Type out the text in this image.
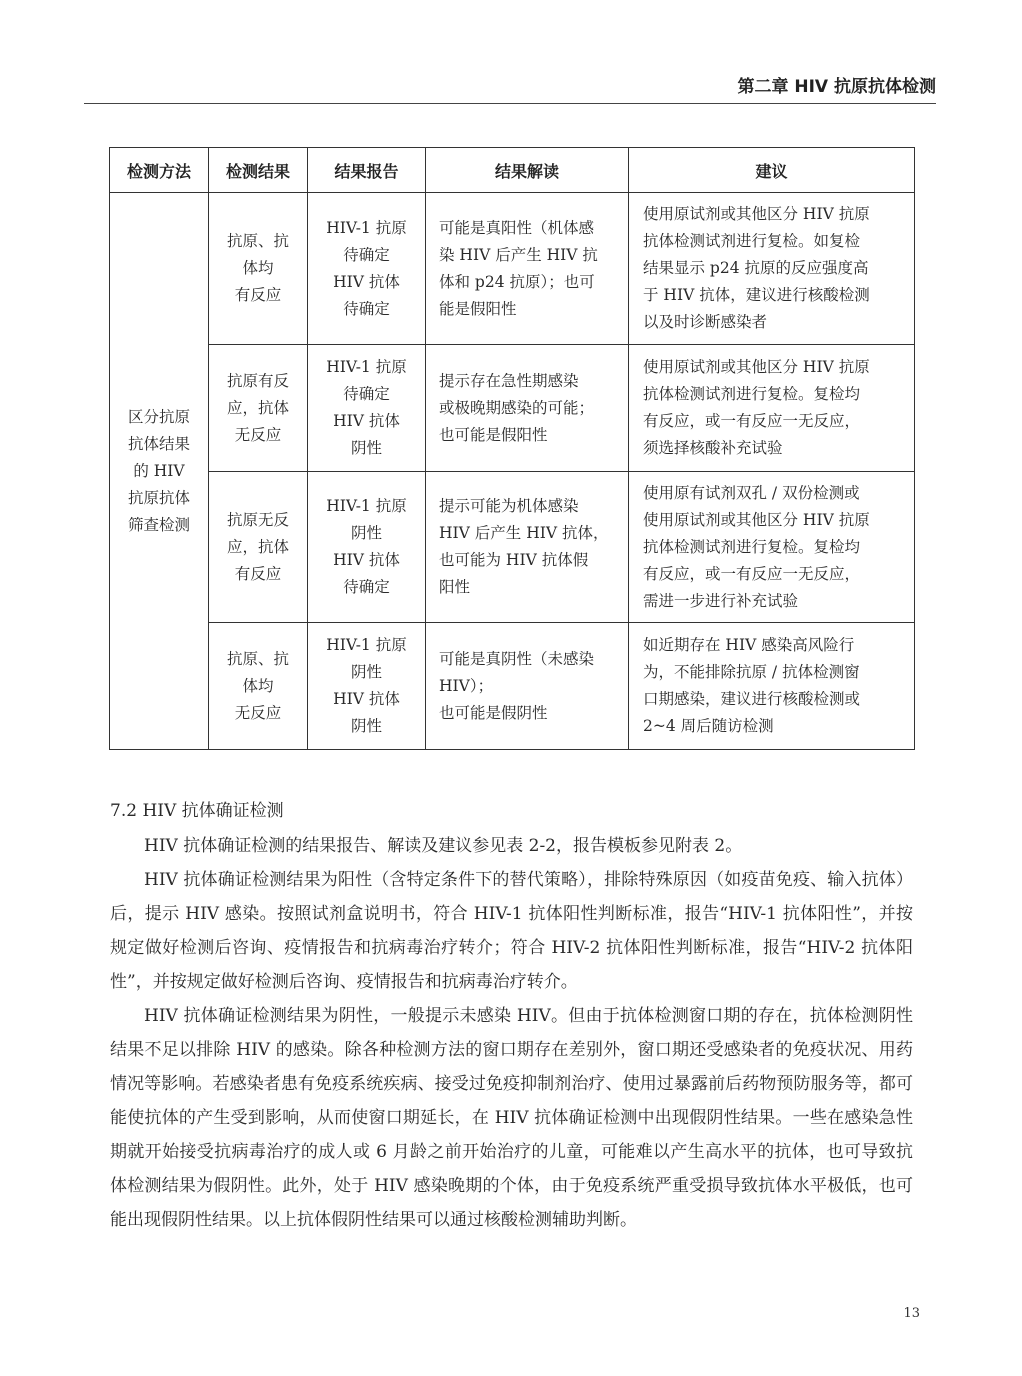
第二章 HIV 抗原抗体检测
检测方法	检测结果	结果报告	结果解读	建议

区分抗原
抗体结果
的 HIV
抗原抗体
筛查检测	抗原、抗
体均
有反应	HIV-1 抗原
待确定
HIV 抗体
待确定	可能是真阳性（机体感
染 HIV 后产生 HIV 抗
体和 p24 抗原）；也可
能是假阳性	使用原试剂或其他区分 HIV 抗原
抗体检测试剂进行复检。如复检
结果显示 p24 抗原的反应强度高
于 HIV 抗体，建议进行核酸检测
以及时诊断感染者

	抗原有反
应，抗体
无反应	HIV-1 抗原
待确定
HIV 抗体
阴性	提示存在急性期感染
或极晚期感染的可能；
也可能是假阳性	使用原试剂或其他区分 HIV 抗原
抗体检测试剂进行复检。复检均
有反应，或一有反应一无反应，
须选择核酸补充试验

	抗原无反
应，抗体
有反应	HIV-1 抗原
阴性
HIV 抗体
待确定	提示可能为机体感染
HIV 后产生 HIV 抗体，
也可能为 HIV 抗体假
阳性	使用原有试剂双孔 / 双份检测或
使用原试剂或其他区分 HIV 抗原
抗体检测试剂进行复检。复检均
有反应，或一有反应一无反应，
需进一步进行补充试验

	抗原、抗
体均
无反应	HIV-1 抗原
阴性
HIV 抗体
阴性	可能是真阴性（未感染
HIV）；
也可能是假阴性	如近期存在 HIV 感染高风险行
为，不能排除抗原 / 抗体检测窗
口期感染，建议进行核酸检测或
2~4 周后随访检测
7.2 HIV 抗体确证检测

HIV 抗体确证检测的结果报告、解读及建议参见表 2-2，报告模板参见附表 2。

HIV 抗体确证检测结果为阳性（含特定条件下的替代策略），排除特殊原因（如疫苗免疫、输入抗体）后，提示 HIV 感染。按照试剂盒说明书，符合 HIV-1 抗体阳性判断标准，报告“HIV-1 抗体阳性”，并按规定做好检测后咨询、疫情报告和抗病毒治疗转介；符合 HIV-2 抗体阳性判断标准，报告“HIV-2 抗体阳性”，并按规定做好检测后咨询、疫情报告和抗病毒治疗转介。

HIV 抗体确证检测结果为阴性，一般提示未感染 HIV。但由于抗体检测窗口期的存在，抗体检测阴性结果不足以排除 HIV 的感染。除各种检测方法的窗口期存在差别外，窗口期还受感染者的免疫状况、用药情况等影响。若感染者患有免疫系统疾病、接受过免疫抑制剂治疗、使用过暴露前后药物预防服务等，都可能使抗体的产生受到影响，从而使窗口期延长，在 HIV 抗体确证检测中出现假阴性结果。一些在感染急性期就开始接受抗病毒治疗的成人或 6 月龄之前开始治疗的儿童，可能难以产生高水平的抗体，也可导致抗体检测结果为假阴性。此外，处于 HIV 感染晚期的个体，由于免疫系统严重受损导致抗体水平极低，也可能出现假阴性结果。以上抗体假阴性结果可以通过核酸检测辅助判断。

13
